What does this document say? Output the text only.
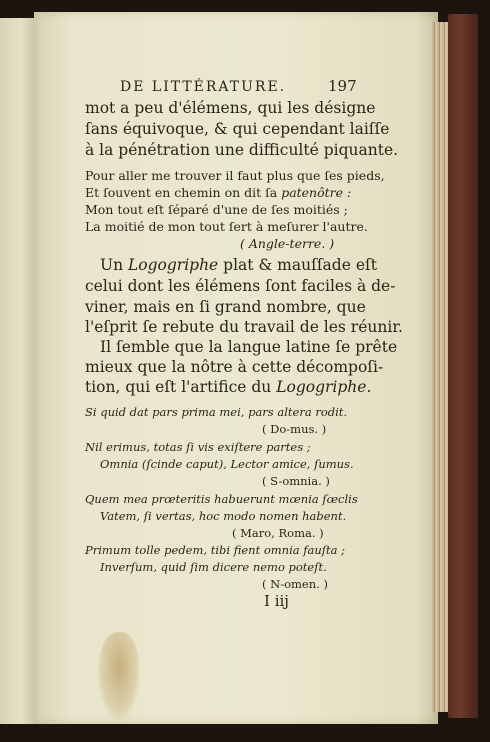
DE LITTÉRATURE.	197
mot a peu d'élémens, qui les désigne
ſans équivoque, & qui cependant laiſſe
à la pénétration une difficulté piquante.
Pour aller me trouver il faut plus que ſes pieds,
Et ſouvent en chemin on dit ſa patenôtre :
Mon tout eſt ſéparé d'une de ſes moitiés ;
La moitié de mon tout ſert à meſurer l'autre.
( Angle-terre. )
Un Logogriphe plat & mauſſade eſt
celui dont les élémens ſont faciles à de-
viner, mais en ſi grand nombre, que
l'eſprit ſe rebute du travail de les réunir.
Il ſemble que la langue latine ſe prête
mieux que la nôtre à cette décompoſi-
tion, qui eſt l'artifice du Logogriphe.
Si quid dat pars prima mei, pars altera rodit.
( Do-mus. )
Nil erimus, totas ſi vis exiſtere partes ;
Omnia (ſcinde caput), Lector amice, ſumus.
( S-omnia. )
Quem mea prœteritis habuerunt mœnia ſœclis
Vatem, ſi vertas, hoc modo nomen habent.
( Maro, Roma. )
Primum tolle pedem, tibi fient omnia fauſta ;
Inverſum, quid ſim dicere nemo poteſt.
( N-omen. )
I iij
